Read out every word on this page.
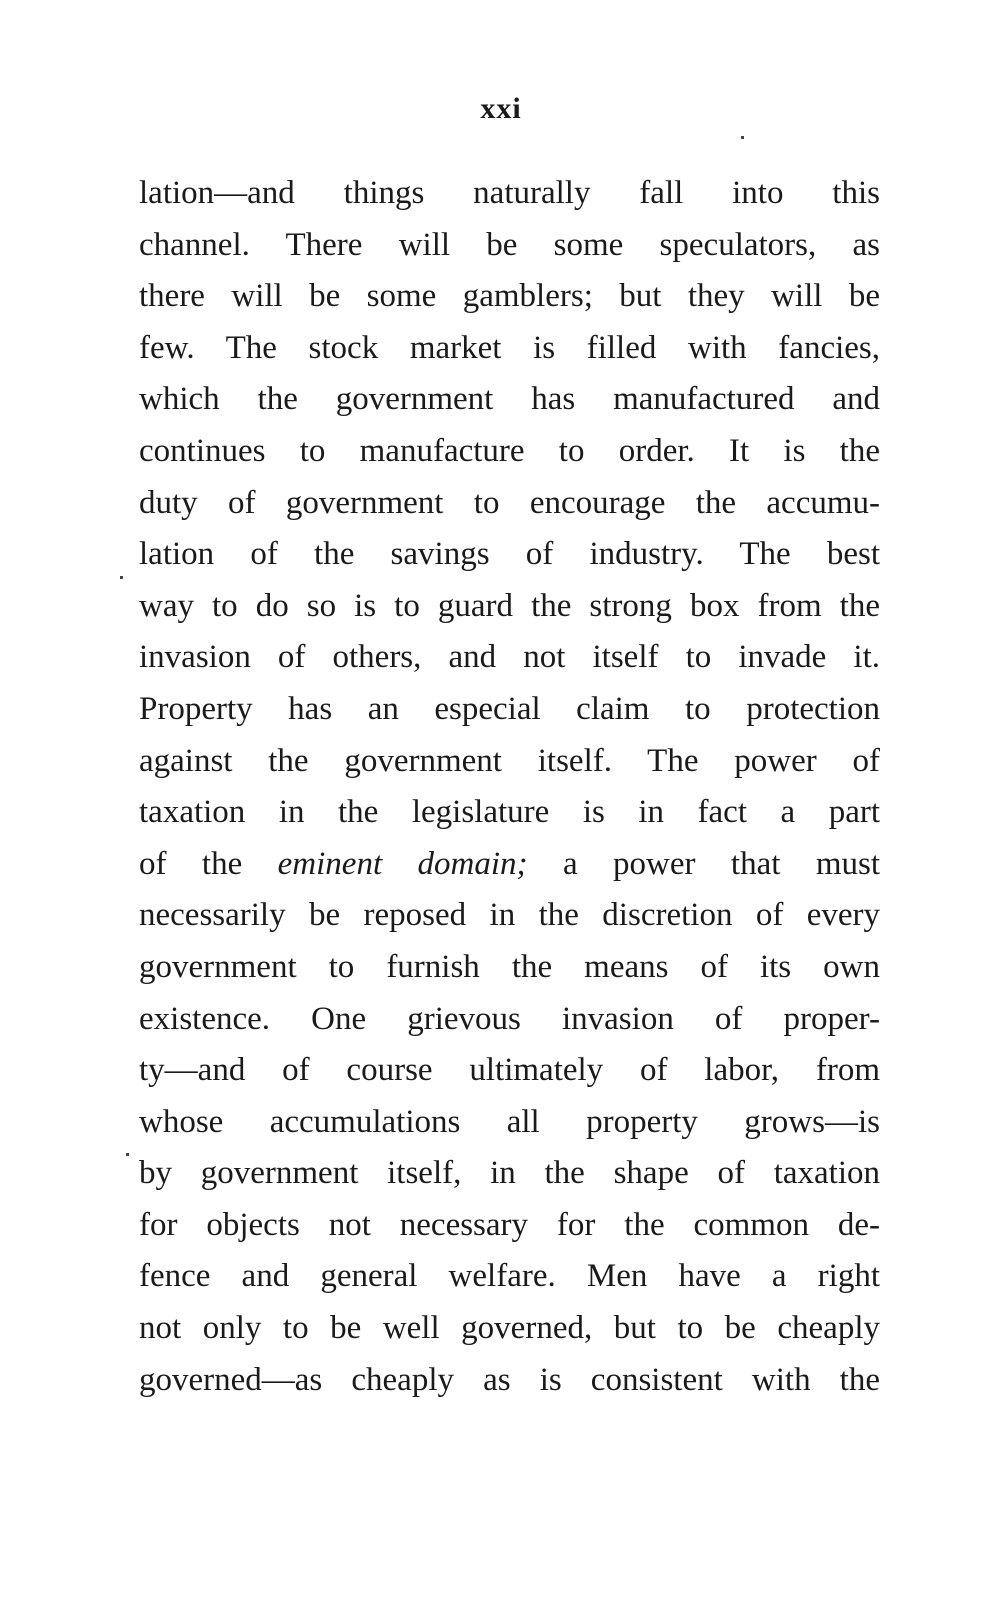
xxi
lation—and things naturally fall into this
channel. There will be some speculators, as
there will be some gamblers; but they will be
few. The stock market is filled with fancies,
which the government has manufactured and
continues to manufacture to order. It is the
duty of government to encourage the accumu-
lation of the savings of industry. The best
way to do so is to guard the strong box from the
invasion of others, and not itself to invade it.
Property has an especial claim to protection
against the government itself. The power of
taxation in the legislature is in fact a part
of the eminent domain; a power that must
necessarily be reposed in the discretion of every
government to furnish the means of its own
existence. One grievous invasion of proper-
ty—and of course ultimately of labor, from
whose accumulations all property grows—is
by government itself, in the shape of taxation
for objects not necessary for the common de-
fence and general welfare. Men have a right
not only to be well governed, but to be cheaply
governed—as cheaply as is consistent with the
